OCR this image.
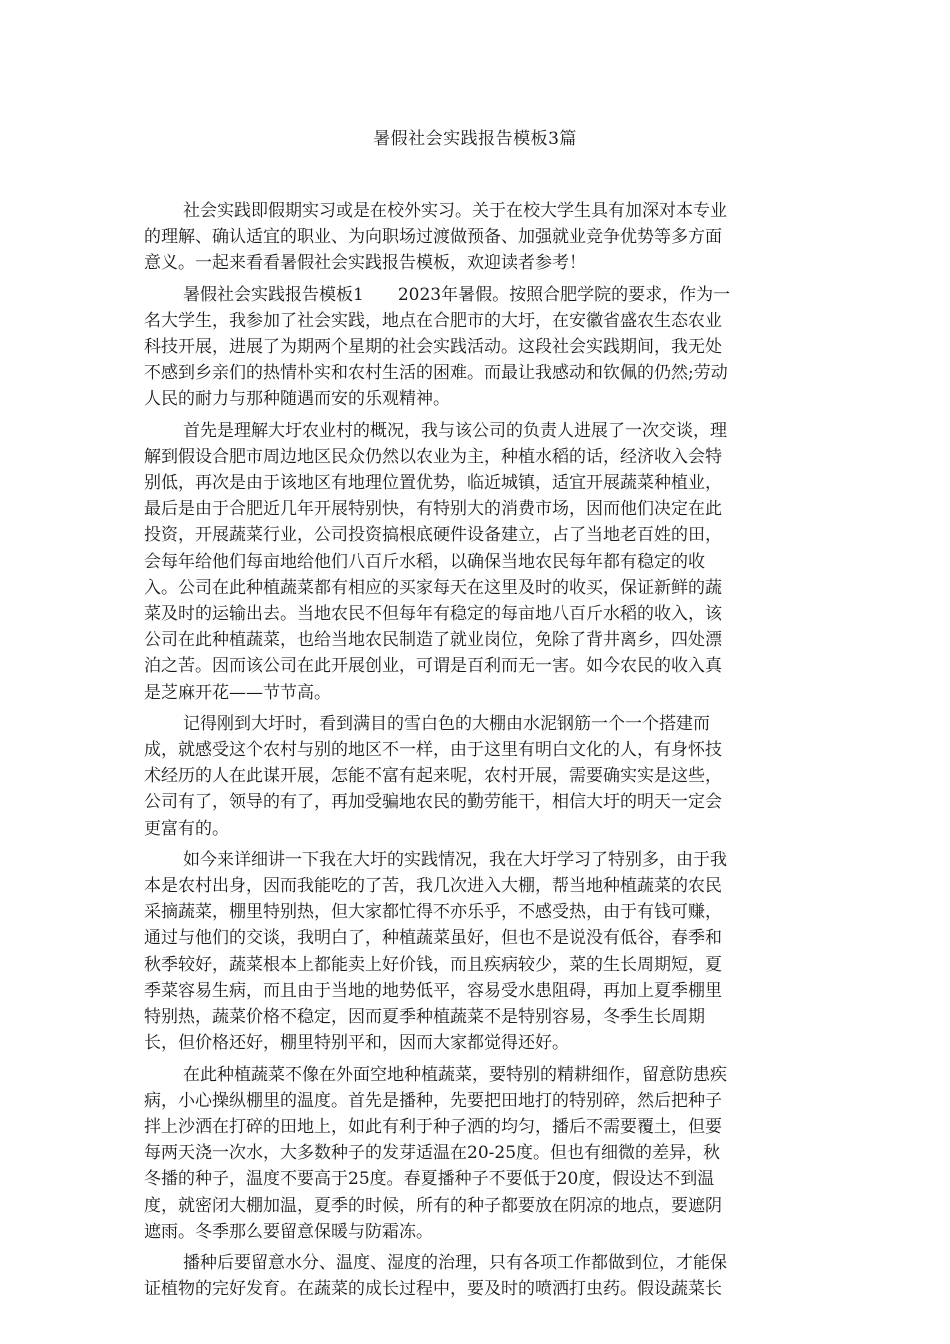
暑假社会实践报告模板3篇
社会实践即假期实习或是在校外实习。关于在校大学生具有加深对本专业
的理解、确认适宜的职业、为向职场过渡做预备、加强就业竞争优势等多方面
意义。一起来看看暑假社会实践报告模板，欢迎读者参考！
暑假社会实践报告模板1　　2023年暑假。按照合肥学院的要求，作为一
名大学生，我参加了社会实践，地点在合肥市的大圩，在安徽省盛农生态农业
科技开展，进展了为期两个星期的社会实践活动。这段社会实践期间，我无处
不感到乡亲们的热情朴实和农村生活的困难。而最让我感动和钦佩的仍然;劳动
人民的耐力与那种随遇而安的乐观精神。
首先是理解大圩农业村的概况，我与该公司的负责人进展了一次交谈，理
解到假设合肥市周边地区民众仍然以农业为主，种植水稻的话，经济收入会特
别低，再次是由于该地区有地理位置优势，临近城镇，适宜开展蔬菜种植业，
最后是由于合肥近几年开展特别快，有特别大的消费市场，因而他们决定在此
投资，开展蔬菜行业，公司投资搞根底硬件设备建立，占了当地老百姓的田，
会每年给他们每亩地给他们八百斤水稻，以确保当地农民每年都有稳定的收
入。公司在此种植蔬菜都有相应的买家每天在这里及时的收买，保证新鲜的蔬
菜及时的运输出去。当地农民不但每年有稳定的每亩地八百斤水稻的收入，该
公司在此种植蔬菜，也给当地农民制造了就业岗位，免除了背井离乡，四处漂
泊之苦。因而该公司在此开展创业，可谓是百利而无一害。如今农民的收入真
是芝麻开花——节节高。
记得刚到大圩时，看到满目的雪白色的大棚由水泥钢筋一个一个搭建而
成，就感受这个农村与别的地区不一样，由于这里有明白文化的人，有身怀技
术经历的人在此谋开展，怎能不富有起来呢，农村开展，需要确实实是这些，
公司有了，领导的有了，再加受骗地农民的勤劳能干，相信大圩的明天一定会
更富有的。
如今来详细讲一下我在大圩的实践情况，我在大圩学习了特别多，由于我
本是农村出身，因而我能吃的了苦，我几次进入大棚，帮当地种植蔬菜的农民
采摘蔬菜，棚里特别热，但大家都忙得不亦乐乎，不感受热，由于有钱可赚，
通过与他们的交谈，我明白了，种植蔬菜虽好，但也不是说没有低谷，春季和
秋季较好，蔬菜根本上都能卖上好价钱，而且疾病较少，菜的生长周期短，夏
季菜容易生病，而且由于当地的地势低平，容易受水患阻碍，再加上夏季棚里
特别热，蔬菜价格不稳定，因而夏季种植蔬菜不是特别容易，冬季生长周期
长，但价格还好，棚里特别平和，因而大家都觉得还好。
在此种植蔬菜不像在外面空地种植蔬菜，要特别的精耕细作，留意防患疾
病，小心操纵棚里的温度。首先是播种，先要把田地打的特别碎，然后把种子
拌上沙洒在打碎的田地上，如此有利于种子洒的均匀，播后不需要覆土，但要
每两天浇一次水，大多数种子的发芽适温在20-25度。但也有细微的差异，秋
冬播的种子，温度不要高于25度。春夏播种子不要低于20度，假设达不到温
度，就密闭大棚加温，夏季的时候，所有的种子都要放在阴凉的地点，要遮阴
遮雨。冬季那么要留意保暖与防霜冻。
播种后要留意水分、温度、湿度的治理，只有各项工作都做到位，才能保
证植物的完好发育。在蔬菜的成长过程中，要及时的喷洒打虫药。假设蔬菜长
